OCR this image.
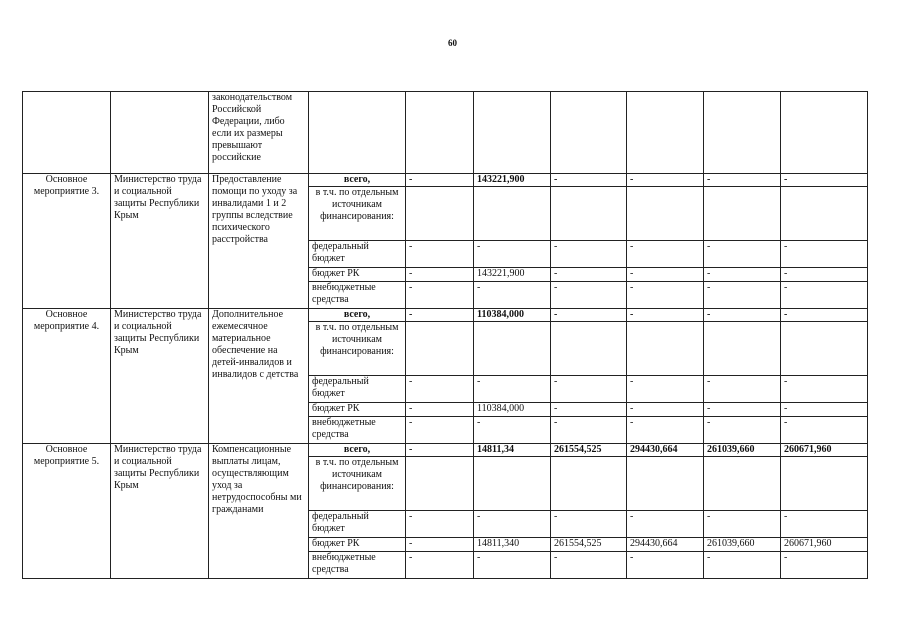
60
		законодательством Российской Федерации, либо если их размеры превышают российские							
Основное мероприятие 3.	Министерство труда и социальной защиты Республики Крым	Предоставление помощи по уходу за инвалидами 1 и 2 группы вследствие психического расстройства	всего,	-	143221,900	-	-	-	-
			в т.ч. по отдельным источникам финансирования:						
			федеральный бюджет	-	-	-	-	-	-
			бюджет РК	-	143221,900	-	-	-	-
			внебюджетные средства	-	-	-	-	-	-
Основное мероприятие 4.	Министерство труда и социальной защиты Республики Крым	Дополнительное ежемесячное материальное обеспечение на детей-инвалидов и инвалидов с детства	всего,	-	110384,000	-	-	-	-
			в т.ч. по отдельным источникам финансирования:						
			федеральный бюджет	-	-	-	-	-	-
			бюджет РК	-	110384,000	-	-	-	-
			внебюджетные средства	-	-	-	-	-	-
Основное мероприятие 5.	Министерство труда и социальной защиты Республики Крым	Компенсационные выплаты лицам, осуществляющим уход за нетрудоспособны ми гражданами	всего,	-	14811,34	261554,525	294430,664	261039,660	260671,960
			в т.ч. по отдельным источникам финансирования:						
			федеральный бюджет	-	-	-	-	-	-
			бюджет РК	-	14811,340	261554,525	294430,664	261039,660	260671,960
			внебюджетные средства	-	-	-	-	-	-
